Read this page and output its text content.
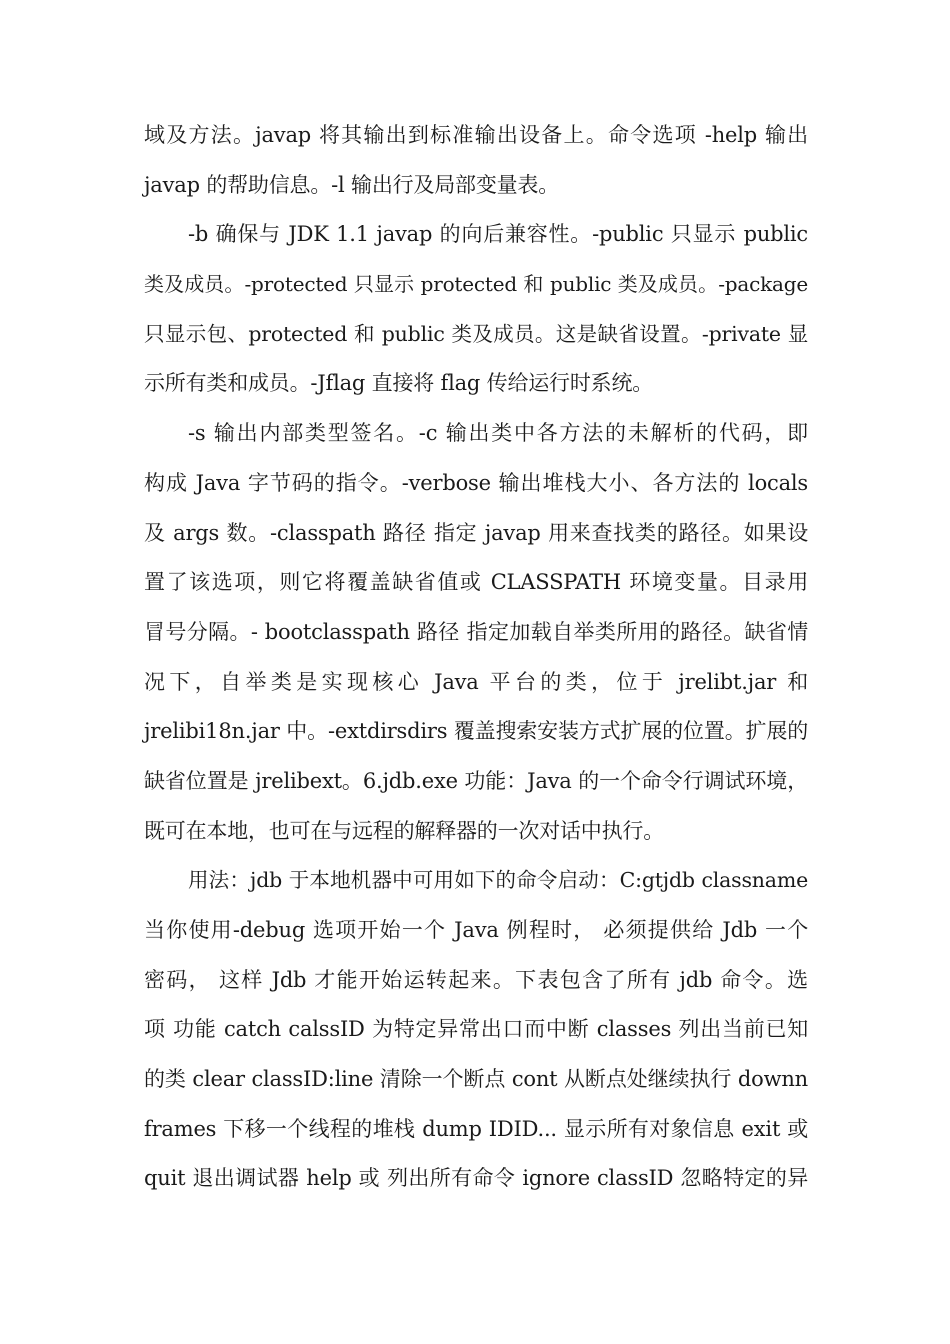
域及方法。javap 将其输出到标准输出设备上。命令选项 -help 输出
javap 的帮助信息。-l 输出行及局部变量表。
-b 确保与 JDK 1.1 javap 的向后兼容性。-public 只显示 public
类及成员。-protected 只显示 protected 和 public 类及成员。-package
只显示包、protected 和 public 类及成员。这是缺省设置。-private 显
示所有类和成员。-Jflag 直接将 flag 传给运行时系统。
-s 输出内部类型签名。-c 输出类中各方法的未解析的代码，即
构成 Java 字节码的指令。-verbose 输出堆栈大小、各方法的 locals
及 args 数。-classpath 路径 指定 javap 用来查找类的路径。如果设
置了该选项，则它将覆盖缺省值或 CLASSPATH 环境变量。目录用
冒号分隔。- bootclasspath 路径 指定加载自举类所用的路径。缺省情
况下，自举类是实现核心 Java 平台的类，位于 jrelibt.jar 和
jrelibi18n.jar 中。-extdirsdirs 覆盖搜索安装方式扩展的位置。扩展的
缺省位置是 jrelibext。6.jdb.exe 功能：Java 的一个命令行调试环境，
既可在本地，也可在与远程的解释器的一次对话中执行。
用法：jdb 于本地机器中可用如下的命令启动：C:gtjdb classname
当你使用-debug 选项开始一个 Java 例程时， 必须提供给 Jdb 一个
密码， 这样 Jdb 才能开始运转起来。下表包含了所有 jdb 命令。选
项 功能 catch calssID 为特定异常出口而中断 classes 列出当前已知
的类 clear classID:line 清除一个断点 cont 从断点处继续执行 downn
frames 下移一个线程的堆栈 dump IDID... 显示所有对象信息 exit 或
quit 退出调试器 help 或 列出所有命令 ignore classID 忽略特定的异
